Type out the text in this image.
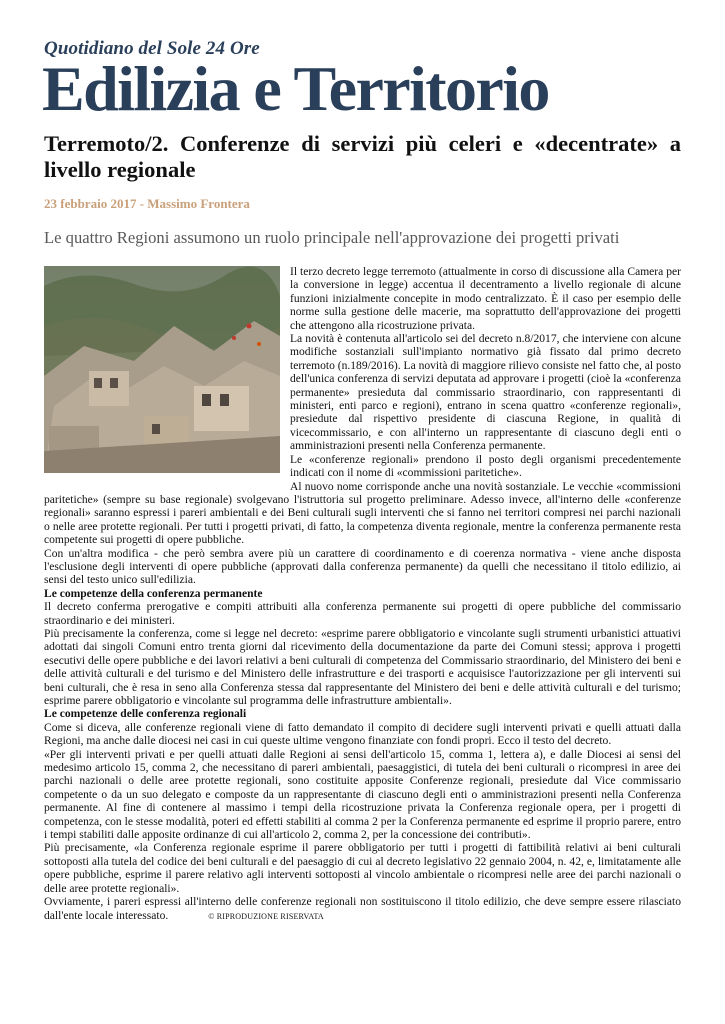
Quotidiano del Sole 24 Ore
Edilizia e Territorio
Terremoto/2. Conferenze di servizi più celeri e «decentrate» a livello regionale
23 febbraio 2017 - Massimo Frontera
Le quattro Regioni assumono un ruolo principale nell'approvazione dei progetti privati

Il terzo decreto legge terremoto (attualmente in corso di discussione alla Camera per la conversione in legge) accentua il decentramento a livello regionale di alcune funzioni inizialmente concepite in modo centralizzato. È il caso per esempio delle norme sulla gestione delle macerie, ma soprattutto dell'approvazione dei progetti che attengono alla ricostruzione privata.

La novità è contenuta all'articolo sei del decreto n.8/2017, che interviene con alcune modifiche sostanziali sull'impianto normativo già fissato dal primo decreto terremoto (n.189/2016). La novità di maggiore rilievo consiste nel fatto che, al posto dell'unica conferenza di servizi deputata ad approvare i progetti (cioè la «conferenza permanente» presieduta dal commissario straordinario, con rappresentanti di ministeri, enti parco e regioni), entrano in scena quattro «conferenze regionali», presiedute dal rispettivo presidente di ciascuna Regione, in qualità di vicecommissario, e con all'interno un rappresentante di ciascuno degli enti o amministrazioni presenti nella Conferenza permanente.

Le «conferenze regionali» prendono il posto degli organismi precedentemente indicati con il nome di «commissioni paritetiche».

Al nuovo nome corrisponde anche una novità sostanziale. Le vecchie «commissioni paritetiche» (sempre su base regionale) svolgevano l'istruttoria sul progetto preliminare. Adesso invece, all'interno delle «conferenze regionali» saranno espressi i pareri ambientali e dei Beni culturali sugli interventi che si fanno nei territori compresi nei parchi nazionali o nelle aree protette regionali. Per tutti i progetti privati, di fatto, la competenza diventa regionale, mentre la conferenza permanente resta competente sui progetti di opere pubbliche.

Con un'altra modifica - che però sembra avere più un carattere di coordinamento e di coerenza normativa - viene anche disposta l'esclusione degli interventi di opere pubbliche (approvati dalla conferenza permanente) da quelli che necessitano il titolo edilizio, ai sensi del testo unico sull'edilizia.

Le competenze della conferenza permanente

Il decreto conferma prerogative e compiti attribuiti alla conferenza permanente sui progetti di opere pubbliche del commissario straordinario e dei ministeri.

Più precisamente la conferenza, come si legge nel decreto: «esprime parere obbligatorio e vincolante sugli strumenti urbanistici attuativi adottati dai singoli Comuni entro trenta giorni dal ricevimento della documentazione da parte dei Comuni stessi; approva i progetti esecutivi delle opere pubbliche e dei lavori relativi a beni culturali di competenza del Commissario straordinario, del Ministero dei beni e delle attività culturali e del turismo e del Ministero delle infrastrutture e dei trasporti e acquisisce l'autorizzazione per gli interventi sui beni culturali, che è resa in seno alla Conferenza stessa dal rappresentante del Ministero dei beni e delle attività culturali e del turismo; esprime parere obbligatorio e vincolante sul programma delle infrastrutture ambientali».

Le competenze delle conferenza regionali

Come si diceva, alle conferenze regionali viene di fatto demandato il compito di decidere sugli interventi privati e quelli attuati dalla Regioni, ma anche dalle diocesi nei casi in cui queste ultime vengono finanziate con fondi propri. Ecco il testo del decreto.

«Per gli interventi privati e per quelli attuati dalle Regioni ai sensi dell'articolo 15, comma 1, lettera a), e dalle Diocesi ai sensi del medesimo articolo 15, comma 2, che necessitano di pareri ambientali, paesaggistici, di tutela dei beni culturali o ricompresi in aree dei parchi nazionali o delle aree protette regionali, sono costituite apposite Conferenze regionali, presiedute dal Vice commissario competente o da un suo delegato e composte da un rappresentante di ciascuno degli enti o amministrazioni presenti nella Conferenza permanente. Al fine di contenere al massimo i tempi della ricostruzione privata la Conferenza regionale opera, per i progetti di competenza, con le stesse modalità, poteri ed effetti stabiliti al comma 2 per la Conferenza permanente ed esprime il proprio parere, entro i tempi stabiliti dalle apposite ordinanze di cui all'articolo 2, comma 2, per la concessione dei contributi».

Più precisamente, «la Conferenza regionale esprime il parere obbligatorio per tutti i progetti di fattibilità relativi ai beni culturali sottoposti alla tutela del codice dei beni culturali e del paesaggio di cui al decreto legislativo 22 gennaio 2004, n. 42, e, limitatamente alle opere pubbliche, esprime il parere relativo agli interventi sottoposti al vincolo ambientale o ricompresi nelle aree dei parchi nazionali o delle aree protette regionali».

Ovviamente, i pareri espressi all'interno delle conferenze regionali non sostituiscono il titolo edilizio, che deve sempre essere rilasciato dall'ente locale interessato.	© RIPRODUZIONE RISERVATA
